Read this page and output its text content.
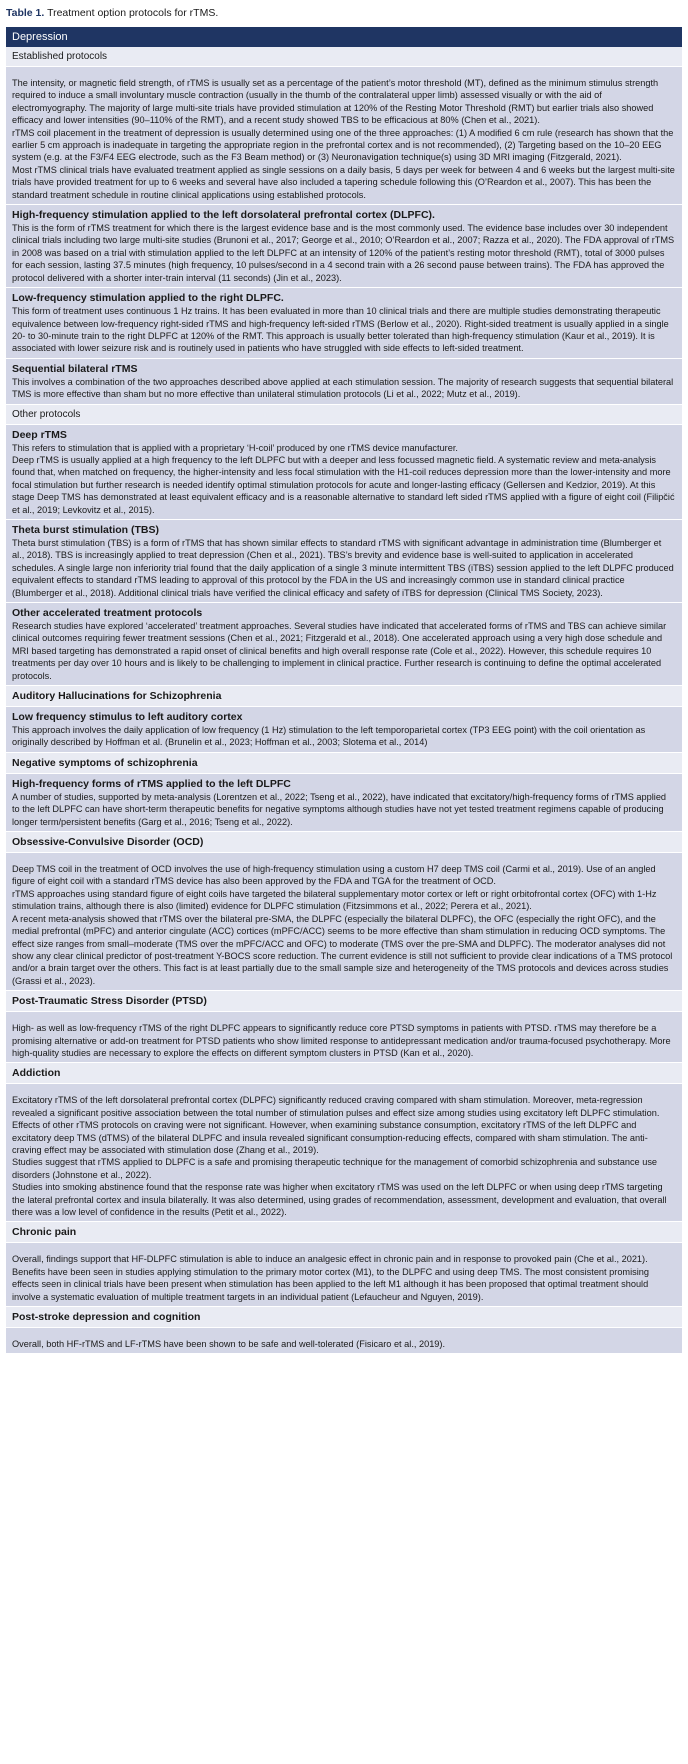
Table 1. Treatment option protocols for rTMS.
Depression
Established protocols
The intensity, or magnetic field strength, of rTMS is usually set as a percentage of the patient’s motor threshold (MT), defined as the minimum stimulus strength required to induce a small involuntary muscle contraction (usually in the thumb of the contralateral upper limb) assessed visually or with the aid of electromyography. The majority of large multi-site trials have provided stimulation at 120% of the Resting Motor Threshold (RMT) but earlier trials also showed efficacy and lower intensities (90–110% of the RMT), and a recent study showed TBS to be efficacious at 80% (Chen et al., 2021).
rTMS coil placement in the treatment of depression is usually determined using one of the three approaches: (1) A modified 6 cm rule (research has shown that the earlier 5 cm approach is inadequate in targeting the appropriate region in the prefrontal cortex and is not recommended), (2) Targeting based on the 10–20 EEG system (e.g. at the F3/F4 EEG electrode, such as the F3 Beam method) or (3) Neuronavigation technique(s) using 3D MRI imaging (Fitzgerald, 2021).
Most rTMS clinical trials have evaluated treatment applied as single sessions on a daily basis, 5 days per week for between 4 and 6 weeks but the largest multi-site trials have provided treatment for up to 6 weeks and several have also included a tapering schedule following this (O’Reardon et al., 2007). This has been the standard treatment schedule in routine clinical applications using established protocols.
High-frequency stimulation applied to the left dorsolateral prefrontal cortex (DLPFC).
This is the form of rTMS treatment for which there is the largest evidence base and is the most commonly used. The evidence base includes over 30 independent clinical trials including two large multi-site studies (Brunoni et al., 2017; George et al., 2010; O’Reardon et al., 2007; Razza et al., 2020). The FDA approval of rTMS in 2008 was based on a trial with stimulation applied to the left DLPFC at an intensity of 120% of the patient’s resting motor threshold (RMT), total of 3000 pulses for each session, lasting 37.5 minutes (high frequency, 10 pulses/second in a 4 second train with a 26 second pause between trains). The FDA has approved the protocol delivered with a shorter inter-train interval (11 seconds) (Jin et al., 2023).
Low-frequency stimulation applied to the right DLPFC.
This form of treatment uses continuous 1 Hz trains. It has been evaluated in more than 10 clinical trials and there are multiple studies demonstrating therapeutic equivalence between low-frequency right-sided rTMS and high-frequency left-sided rTMS (Berlow et al., 2020). Right-sided treatment is usually applied in a single 20- to 30-minute train to the right DLPFC at 120% of the RMT. This approach is usually better tolerated than high-frequency stimulation (Kaur et al., 2019). It is associated with lower seizure risk and is routinely used in patients who have struggled with side effects to left-sided treatment.
Sequential bilateral rTMS
This involves a combination of the two approaches described above applied at each stimulation session. The majority of research suggests that sequential bilateral TMS is more effective than sham but no more effective than unilateral stimulation protocols (Li et al., 2022; Mutz et al., 2019).
Other protocols
Deep rTMS
This refers to stimulation that is applied with a proprietary ‘H-coil’ produced by one rTMS device manufacturer.
Deep rTMS is usually applied at a high frequency to the left DLPFC but with a deeper and less focussed magnetic field. A systematic review and meta-analysis found that, when matched on frequency, the higher-intensity and less focal stimulation with the H1-coil reduces depression more than the lower-intensity and more focal stimulation but further research is needed identify optimal stimulation protocols for acute and longer-lasting efficacy (Gellersen and Kedzior, 2019). At this stage Deep TMS has demonstrated at least equivalent efficacy and is a reasonable alternative to standard left sided rTMS applied with a figure of eight coil (Filipčić et al., 2019; Levkovitz et al., 2015).
Theta burst stimulation (TBS)
Theta burst stimulation (TBS) is a form of rTMS that has shown similar effects to standard rTMS with significant advantage in administration time (Blumberger et al., 2018). TBS is increasingly applied to treat depression (Chen et al., 2021). TBS’s brevity and evidence base is well-suited to application in accelerated schedules. A single large non inferiority trial found that the daily application of a single 3 minute intermittent TBS (iTBS) session applied to the left DLPFC produced equivalent effects to standard rTMS leading to approval of this protocol by the FDA in the US and increasingly common use in standard clinical practice (Blumberger et al., 2018). Additional clinical trials have verified the clinical efficacy and safety of iTBS for depression (Clinical TMS Society, 2023).
Other accelerated treatment protocols
Research studies have explored ‘accelerated’ treatment approaches. Several studies have indicated that accelerated forms of rTMS and TBS can achieve similar clinical outcomes requiring fewer treatment sessions (Chen et al., 2021; Fitzgerald et al., 2018). One accelerated approach using a very high dose schedule and MRI based targeting has demonstrated a rapid onset of clinical benefits and high overall response rate (Cole et al., 2022). However, this schedule requires 10 treatments per day over 10 hours and is likely to be challenging to implement in clinical practice. Further research is continuing to define the optimal accelerated protocols.
Auditory Hallucinations for Schizophrenia
Low frequency stimulus to left auditory cortex
This approach involves the daily application of low frequency (1 Hz) stimulation to the left temporoparietal cortex (TP3 EEG point) with the coil orientation as originally described by Hoffman et al. (Brunelin et al., 2023; Hoffman et al., 2003; Slotema et al., 2014)
Negative symptoms of schizophrenia
High-frequency forms of rTMS applied to the left DLPFC
A number of studies, supported by meta-analysis (Lorentzen et al., 2022; Tseng et al., 2022), have indicated that excitatory/high-frequency forms of rTMS applied to the left DLPFC can have short-term therapeutic benefits for negative symptoms although studies have not yet tested treatment regimens capable of producing longer term/persistent benefits (Garg et al., 2016; Tseng et al., 2022).
Obsessive-Convulsive Disorder (OCD)
Deep TMS coil in the treatment of OCD involves the use of high-frequency stimulation using a custom H7 deep TMS coil (Carmi et al., 2019). Use of an angled figure of eight coil with a standard rTMS device has also been approved by the FDA and TGA for the treatment of OCD.
rTMS approaches using standard figure of eight coils have targeted the bilateral supplementary motor cortex or left or right orbitofrontal cortex (OFC) with 1-Hz stimulation trains, although there is also (limited) evidence for DLPFC stimulation (Fitzsimmons et al., 2022; Perera et al., 2021).
A recent meta-analysis showed that rTMS over the bilateral pre-SMA, the DLPFC (especially the bilateral DLPFC), the OFC (especially the right OFC), and the medial prefrontal (mPFC) and anterior cingulate (ACC) cortices (mPFC/ACC) seems to be more effective than sham stimulation in reducing OCD symptoms. The effect size ranges from small–moderate (TMS over the mPFC/ACC and OFC) to moderate (TMS over the pre-SMA and DLPFC). The moderator analyses did not show any clear clinical predictor of post-treatment Y-BOCS score reduction. The current evidence is still not sufficient to provide clear indications of a TMS protocol and/or a brain target over the others. This fact is at least partially due to the small sample size and heterogeneity of the TMS protocols and devices across studies (Grassi et al., 2023).
Post-Traumatic Stress Disorder (PTSD)
High- as well as low-frequency rTMS of the right DLPFC appears to significantly reduce core PTSD symptoms in patients with PTSD. rTMS may therefore be a promising alternative or add-on treatment for PTSD patients who show limited response to antidepressant medication and/or trauma-focused psychotherapy. More high-quality studies are necessary to explore the effects on different symptom clusters in PTSD (Kan et al., 2020).
Addiction
Excitatory rTMS of the left dorsolateral prefrontal cortex (DLPFC) significantly reduced craving compared with sham stimulation. Moreover, meta-regression revealed a significant positive association between the total number of stimulation pulses and effect size among studies using excitatory left DLPFC stimulation. Effects of other rTMS protocols on craving were not significant. However, when examining substance consumption, excitatory rTMS of the left DLPFC and excitatory deep TMS (dTMS) of the bilateral DLPFC and insula revealed significant consumption-reducing effects, compared with sham stimulation. The anti-craving effect may be associated with stimulation dose (Zhang et al., 2019).
Studies suggest that rTMS applied to DLPFC is a safe and promising therapeutic technique for the management of comorbid schizophrenia and substance use disorders (Johnstone et al., 2022).
Studies into smoking abstinence found that the response rate was higher when excitatory rTMS was used on the left DLPFC or when using deep rTMS targeting the lateral prefrontal cortex and insula bilaterally. It was also determined, using grades of recommendation, assessment, development and evaluation, that overall there was a low level of confidence in the results (Petit et al., 2022).
Chronic pain
Overall, findings support that HF-DLPFC stimulation is able to induce an analgesic effect in chronic pain and in response to provoked pain (Che et al., 2021).
Benefits have been seen in studies applying stimulation to the primary motor cortex (M1), to the DLPFC and using deep TMS. The most consistent promising effects seen in clinical trials have been present when stimulation has been applied to the left M1 although it has been proposed that optimal treatment should involve a systematic evaluation of multiple treatment targets in an individual patient (Lefaucheur and Nguyen, 2019).
Post-stroke depression and cognition
Overall, both HF-rTMS and LF-rTMS have been shown to be safe and well-tolerated (Fisicaro et al., 2019).
